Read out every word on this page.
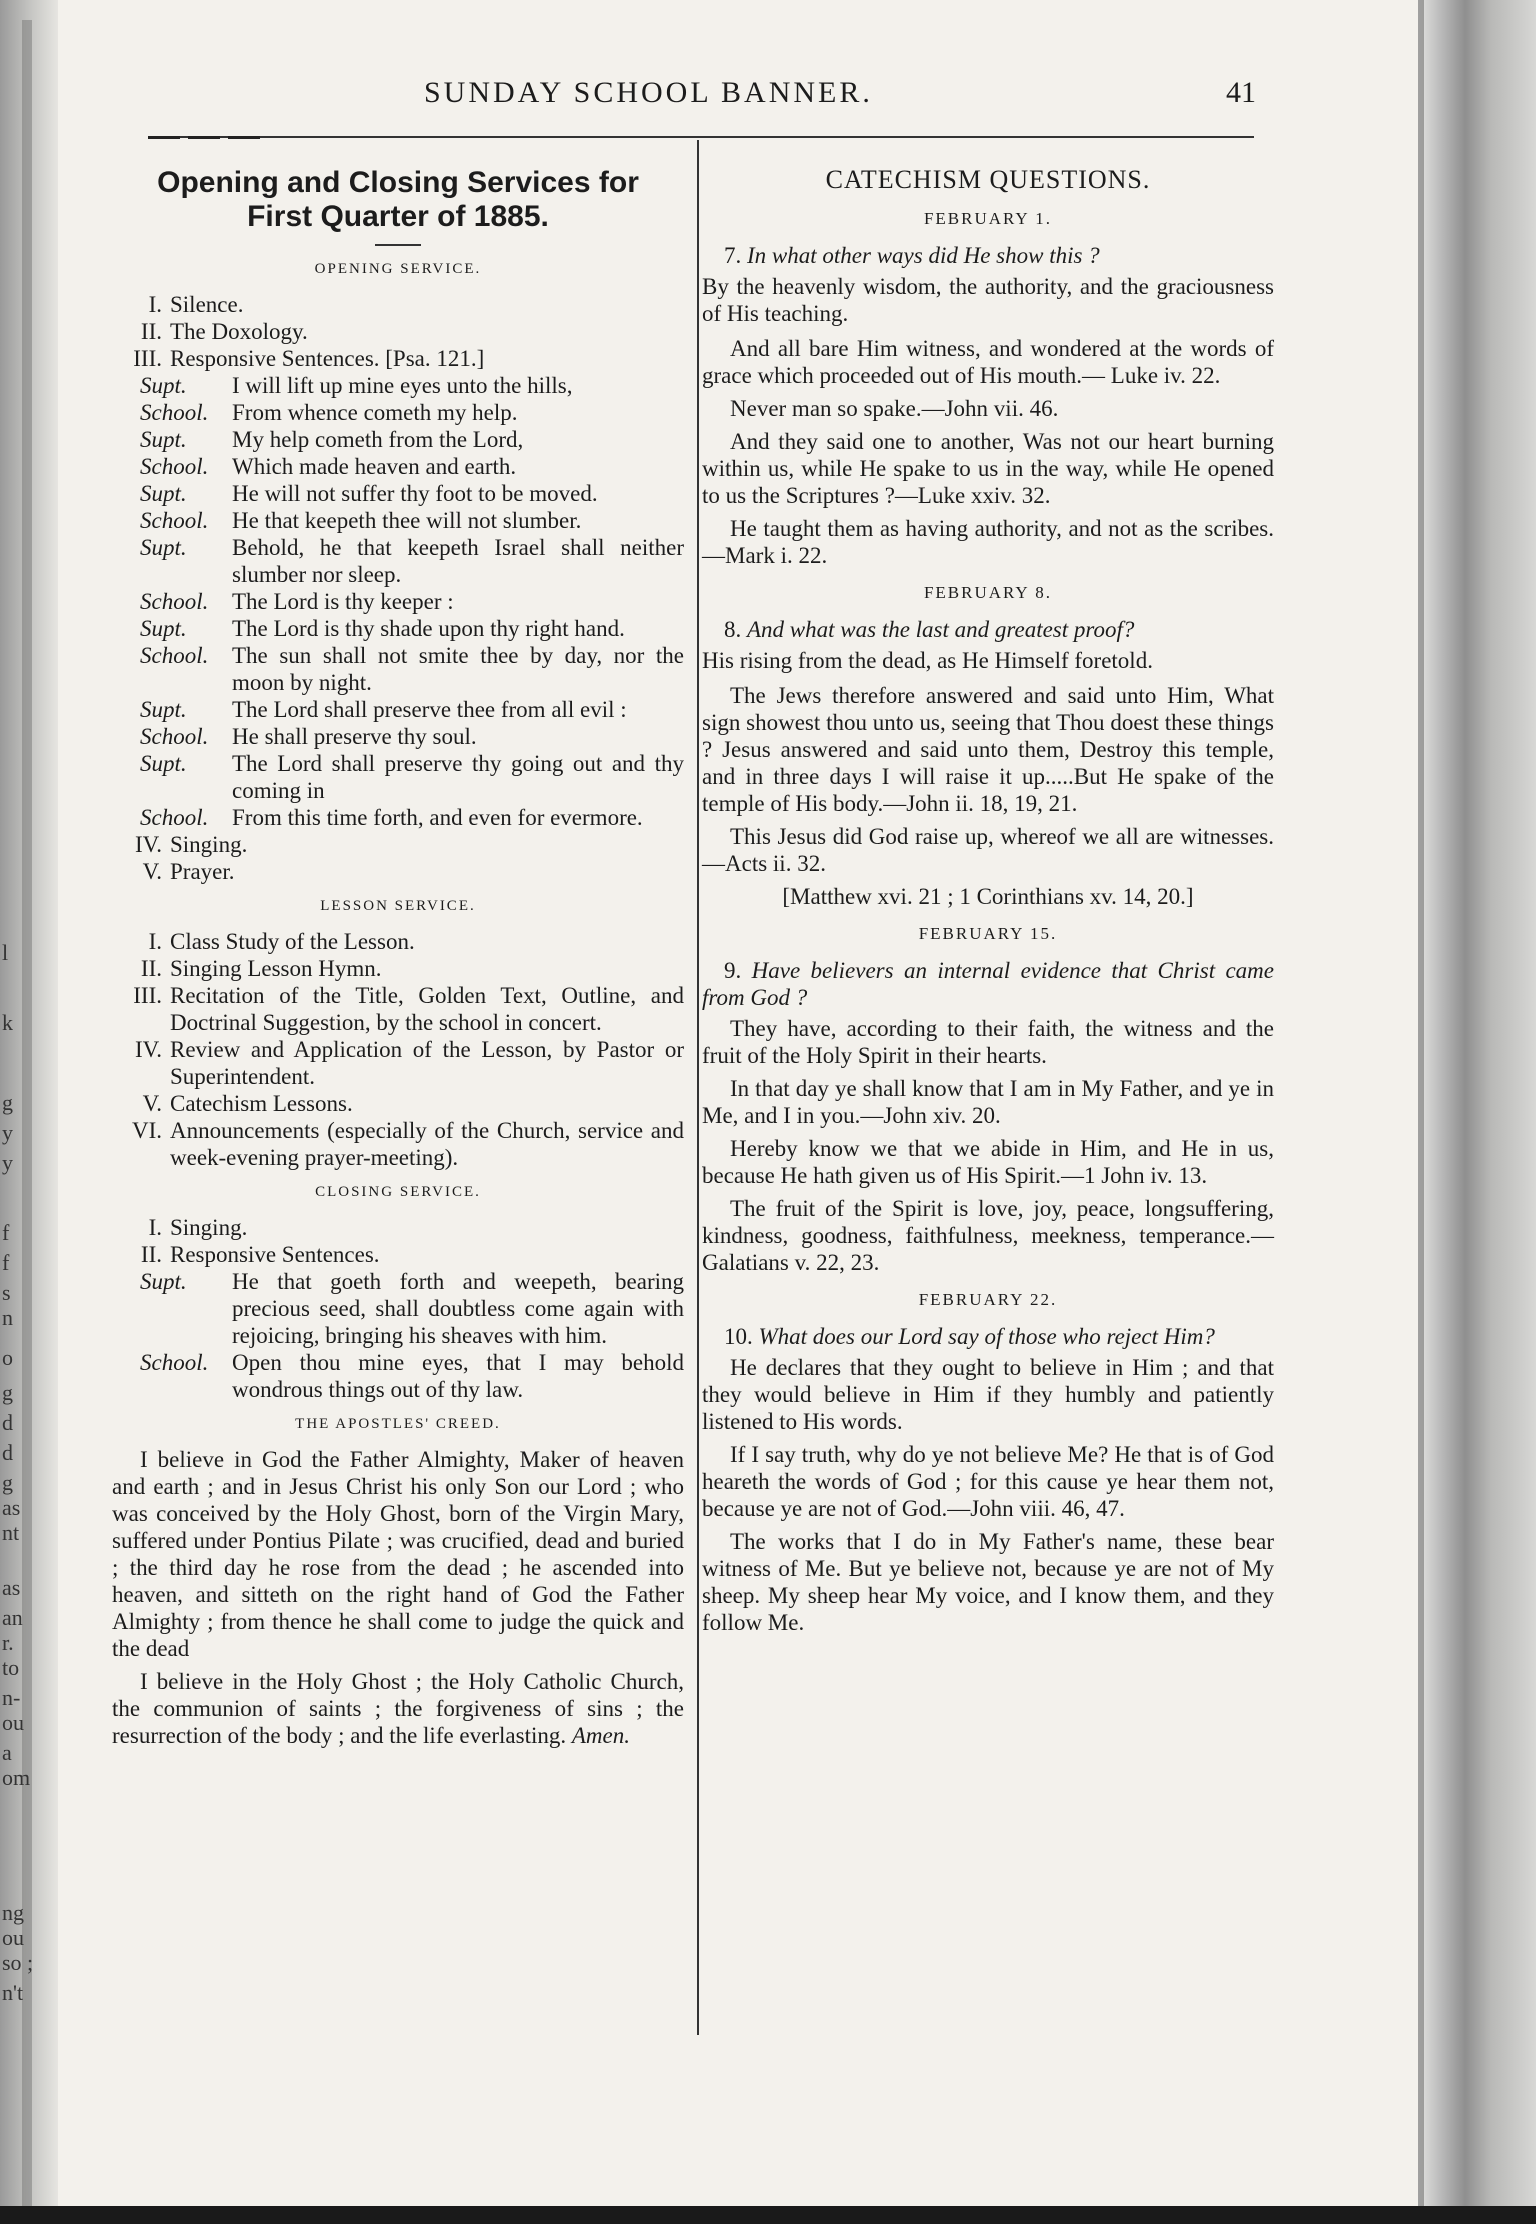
l
k
g
y
y
f
f
s
n
o
g
d
d
g
as
nt
as
an
r.
to
n-
ou
a
om
ng
ou
so ;
n't
SUNDAY SCHOOL BANNER.	41
Opening and Closing Services for
First Quarter of 1885.
OPENING SERVICE.
I. Silence.
II. The Doxology.
III. Responsive Sentences. [Psa. 121.]
Supt.	I will lift up mine eyes unto the hills,
School.	From whence cometh my help.
Supt.	My help cometh from the Lord,
School.	Which made heaven and earth.
Supt.	He will not suffer thy foot to be moved.
School.	He that keepeth thee will not slumber.
Supt.	Behold, he that keepeth Israel shall neither slumber nor sleep.
School.	The Lord is thy keeper :
Supt.	The Lord is thy shade upon thy right hand.
School.	The sun shall not smite thee by day, nor the moon by night.
Supt.	The Lord shall preserve thee from all evil :
School.	He shall preserve thy soul.
Supt.	The Lord shall preserve thy going out and thy coming in
School.	From this time forth, and even for evermore.
IV. Singing.
V. Prayer.
LESSON SERVICE.
I. Class Study of the Lesson.
II. Singing Lesson Hymn.
III. Recitation of the Title, Golden Text, Outline, and Doctrinal Suggestion, by the school in concert.
IV. Review and Application of the Lesson, by Pastor or Superintendent.
V. Catechism Lessons.
VI. Announcements (especially of the Church, service and week-evening prayer-meeting).
CLOSING SERVICE.
I. Singing.
II. Responsive Sentences.
Supt.	He that goeth forth and weepeth, bearing precious seed, shall doubtless come again with rejoicing, bringing his sheaves with him.
School.	Open thou mine eyes, that I may behold wondrous things out of thy law.
THE APOSTLES' CREED.

I believe in God the Father Almighty, Maker of heaven and earth ; and in Jesus Christ his only Son our Lord ; who was conceived by the Holy Ghost, born of the Virgin Mary, suffered under Pontius Pilate ; was crucified, dead and buried ; the third day he rose from the dead ; he ascended into heaven, and sitteth on the right hand of God the Father Almighty ; from thence he shall come to judge the quick and the dead

I believe in the Holy Ghost ; the Holy Catholic Church, the communion of saints ; the forgiveness of sins ; the resurrection of the body ; and the life everlasting. Amen.

CATECHISM QUESTIONS.
FEBRUARY 1.

7. In what other ways did He show this ?

By the heavenly wisdom, the authority, and the graciousness of His teaching.

And all bare Him witness, and wondered at the words of grace which proceeded out of His mouth.— Luke iv. 22.

Never man so spake.—John vii. 46.

And they said one to another, Was not our heart burning within us, while He spake to us in the way, while He opened to us the Scriptures ?—Luke xxiv. 32.

He taught them as having authority, and not as the scribes.—Mark i. 22.

FEBRUARY 8.

8. And what was the last and greatest proof?

His rising from the dead, as He Himself foretold.

The Jews therefore answered and said unto Him, What sign showest thou unto us, seeing that Thou doest these things ? Jesus answered and said unto them, Destroy this temple, and in three days I will raise it up.....But He spake of the temple of His body.—John ii. 18, 19, 21.

This Jesus did God raise up, whereof we all are witnesses.—Acts ii. 32.

[Matthew xvi. 21 ; 1 Corinthians xv. 14, 20.]
FEBRUARY 15.

9. Have believers an internal evidence that Christ came from God ?

They have, according to their faith, the witness and the fruit of the Holy Spirit in their hearts.

In that day ye shall know that I am in My Father, and ye in Me, and I in you.—John xiv. 20.

Hereby know we that we abide in Him, and He in us, because He hath given us of His Spirit.—1 John iv. 13.

The fruit of the Spirit is love, joy, peace, longsuffering, kindness, goodness, faithfulness, meekness, temperance.—Galatians v. 22, 23.

FEBRUARY 22.

10. What does our Lord say of those who reject Him?

He declares that they ought to believe in Him ; and that they would believe in Him if they humbly and patiently listened to His words.

If I say truth, why do ye not believe Me? He that is of God heareth the words of God ; for this cause ye hear them not, because ye are not of God.—John viii. 46, 47.

The works that I do in My Father's name, these bear witness of Me. But ye believe not, because ye are not of My sheep. My sheep hear My voice, and I know them, and they follow Me.
